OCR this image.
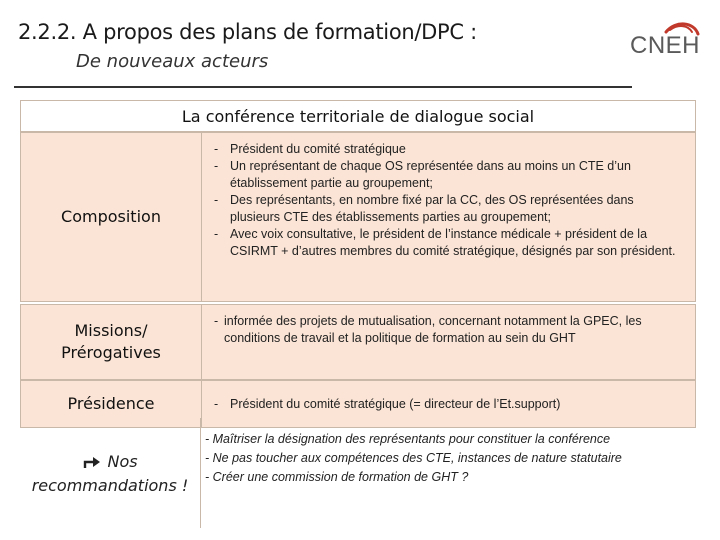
2.2.2. A propos des plans de formation/DPC :
De nouveaux acteurs
CNEH
La conférence territoriale de dialogue social
Composition
- Président du comité stratégique
- Un représentant de chaque OS représentée dans au moins un CTE d’un établissement partie au groupement;
- Des représentants, en nombre fixé par la CC, des OS représentées dans plusieurs CTE des établissements parties au groupement;
- Avec voix consultative, le président de l’instance médicale + président de la CSIRMT + d’autres membres du comité stratégique, désignés par son président.
Missions/ Prérogatives
- informée des projets de mutualisation, concernant notamment la GPEC, les conditions de travail et la politique de formation au sein du GHT
Présidence
-	Président du comité stratégique (= directeur de l’Et.support)
Nos recommandations !
- Maîtriser la désignation des représentants pour constituer la conférence
- Ne pas toucher aux compétences des CTE, instances de nature statutaire
- Créer une commission de formation de GHT ?
